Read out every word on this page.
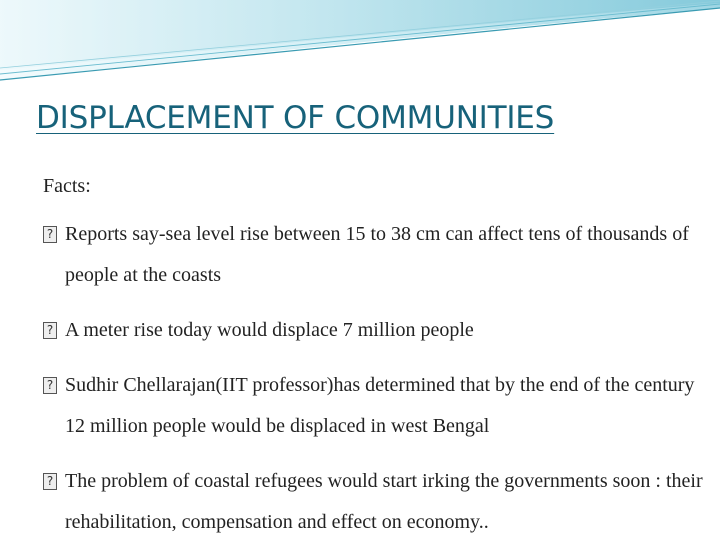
DISPLACEMENT OF COMMUNITIES
Facts:
? Reports say-sea level rise between 15 to 38 cm can affect tens of thousands of people at the coasts
? A meter rise today would displace 7 million people
? Sudhir Chellarajan(IIT professor)has determined that by the end of the century 12 million people would be displaced in west Bengal
? The problem of coastal refugees would start irking the governments soon : their rehabilitation, compensation and effect on economy..
